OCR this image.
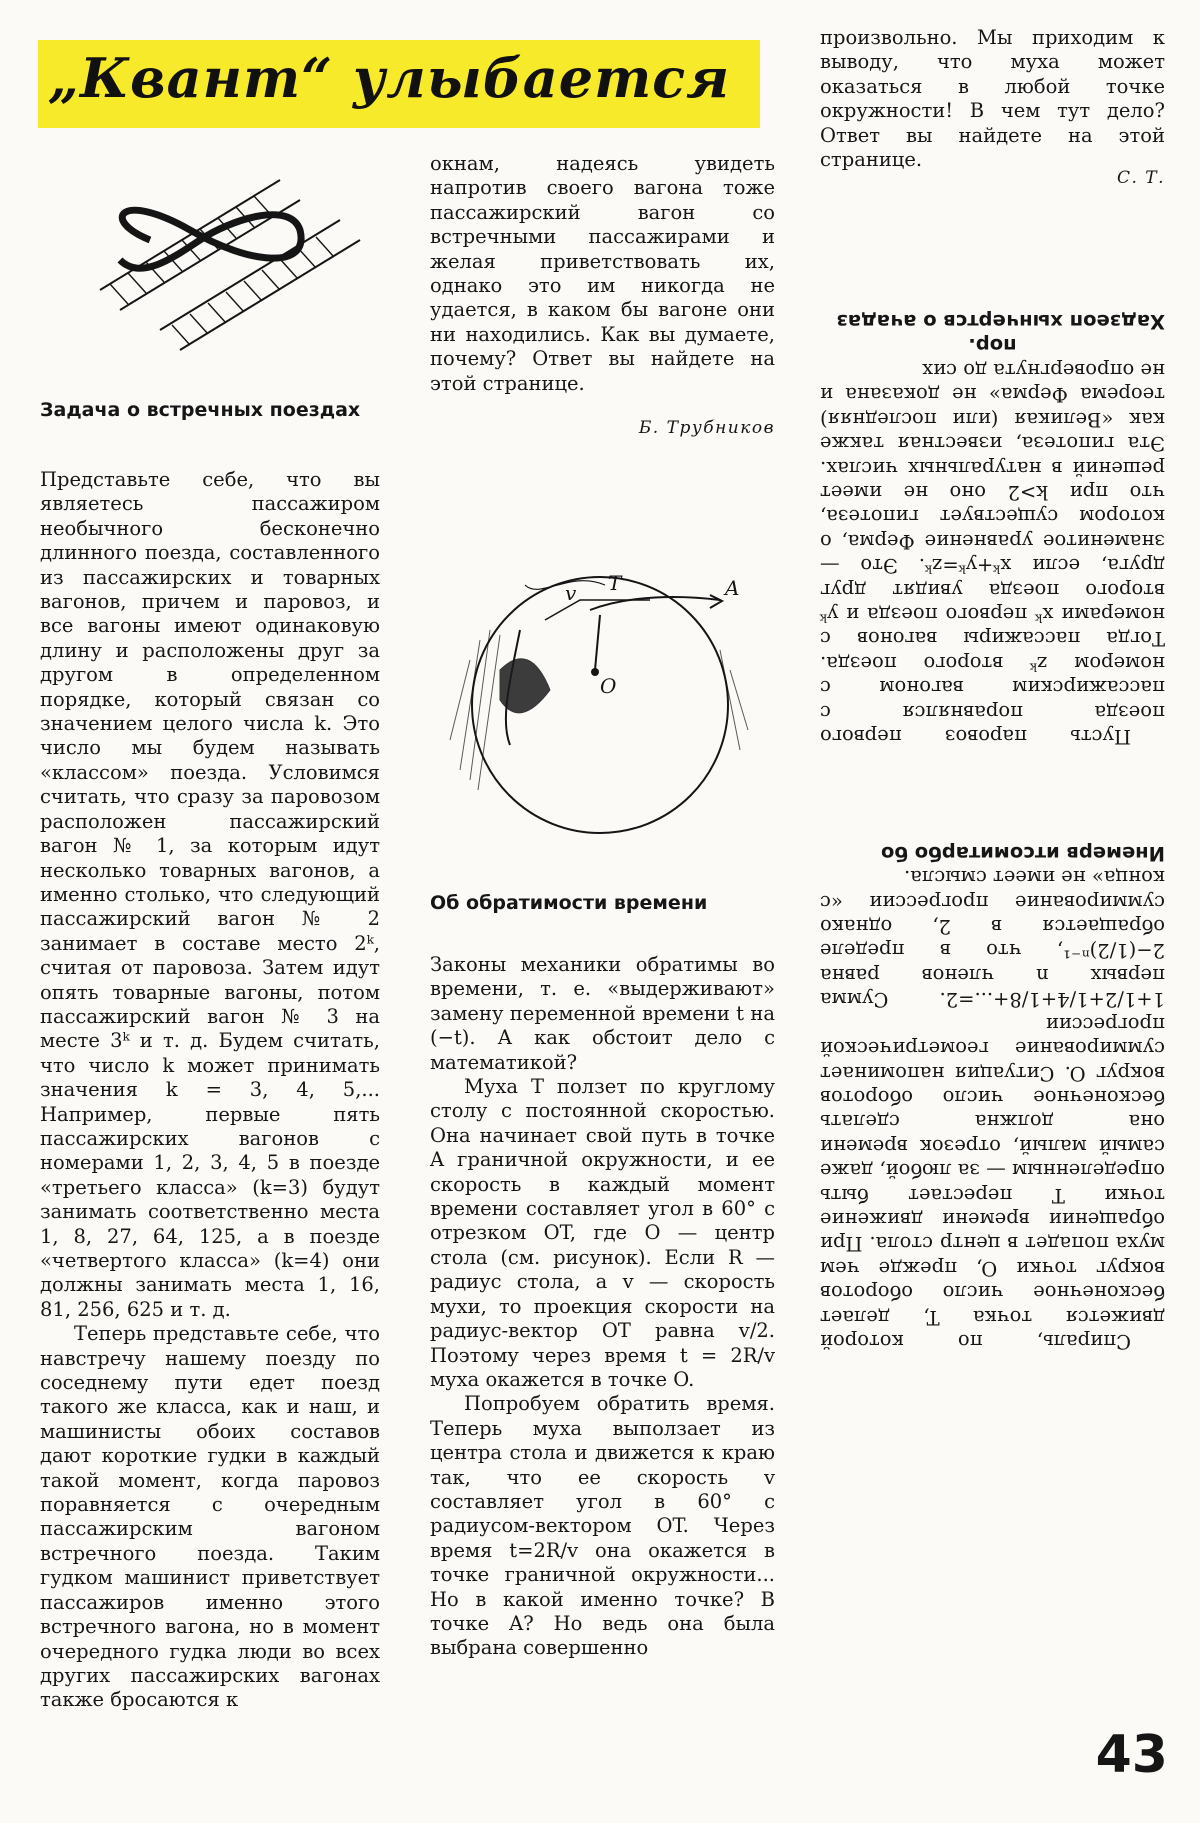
„Квант“ улыбается
Задача о встречных поездах

Представьте себе, что вы являетесь пассажиром необычного бесконечно длинного поезда, составленного из пассажирских и товарных вагонов, причем и паровоз, и все вагоны имеют одинаковую длину и расположены друг за другом в определенном порядке, который связан со значением целого числа k. Это число мы будем называть «классом» поезда. Условимся считать, что сразу за паровозом расположен пассажирский вагон № 1, за которым идут несколько товарных вагонов, а именно столько, что следующий пассажирский вагон № 2 занимает в составе место 2ᵏ, считая от паровоза. Затем идут опять товарные вагоны, потом пассажирский вагон № 3 на месте 3ᵏ и т. д. Будем считать, что число k может принимать значения k = 3, 4, 5,... Например, первые пять пассажирских вагонов с номерами 1, 2, 3, 4, 5 в поезде «третьего класса» (k=3) будут занимать соответственно места 1, 8, 27, 64, 125, а в поезде «четвертого класса» (k=4) они должны занимать места 1, 16, 81, 256, 625 и т. д.

Теперь представьте себе, что навстречу нашему поезду по соседнему пути едет поезд такого же класса, как и наш, и машинисты обоих составов дают короткие гудки в каждый такой момент, когда паровоз поравняется с очередным пассажирским вагоном встречного поезда. Таким гудком машинист приветствует пассажиров именно этого встречного вагона, но в момент очередного гудка люди во всех других пассажирских вагонах также бросаются к

окнам, надеясь увидеть напротив своего вагона тоже пассажирский вагон со встречными пассажирами и желая приветствовать их, однако это им никогда не удается, в каком бы вагоне они ни находились. Как вы думаете, почему? Ответ вы найдете на этой странице.

Б. Трубников
v T	A
O
Об обратимости времени

Законы механики обратимы во времени, т. е. «выдерживают» замену переменной времени t на (−t). А как обстоит дело с математикой?

Муха T ползет по круглому столу с постоянной скоростью. Она начинает свой путь в точке A граничной окружности, и ее скорость в каждый момент времени составляет угол в 60° с отрезком OT, где O — центр стола (см. рисунок). Если R — радиус стола, а v — скорость мухи, то проекция скорости на радиус-вектор OT равна v/2. Поэтому через время t = 2R/v муха окажется в точке O.

Попробуем обратить время. Теперь муха выползает из центра стола и движется к краю так, что ее скорость v составляет угол в 60° с радиусом-вектором OT. Через время t=2R/v она окажется в точке граничной окружности... Но в какой именно точке? В точке A? Но ведь она была выбрана совершенно

произвольно. Мы приходим к выводу, что муха может оказаться в любой точке окружности! В чем тут дело? Ответ вы найдете на этой странице.

С. Т.

Пусть паровоз первого поезда поравнялся с пассажирским вагоном с номером zᵏ второго поезда. Тогда пассажиры вагонов с номерами xᵏ первого поезда и yᵏ второго поезда увидят друг друга, если xᵏ+yᵏ=zᵏ. Это — знаменитое уравнение Ферма, о котором существует гипотеза, что при k>2 оно не имеет решений в натуральных числах. Эта гипотеза, известная также как «Великая (или последняя) теорема Ферма» не доказана и не опровергнута до сих

пор.

Хадзеоп хынчертсв о ачадаз

Спираль, по которой движется точка T, делает бесконечное число оборотов вокруг точки O, прежде чем муха попадет в центр стола. При обращении времени движение точки T перестает быть определенным — за любой, даже самый малый, отрезок времени она должна сделать бесконечное число оборотов вокруг O. Ситуация напоминает суммирование геометрической прогрессии 1+1/2+1/4+1/8+...=2. Сумма первых n членов равна 2−(1/2)ⁿ⁻¹, что в пределе обращается в 2, однако суммирование прогрессии «с конца» не имеет смысла.

Инемерв итсомитарбо бо

43
